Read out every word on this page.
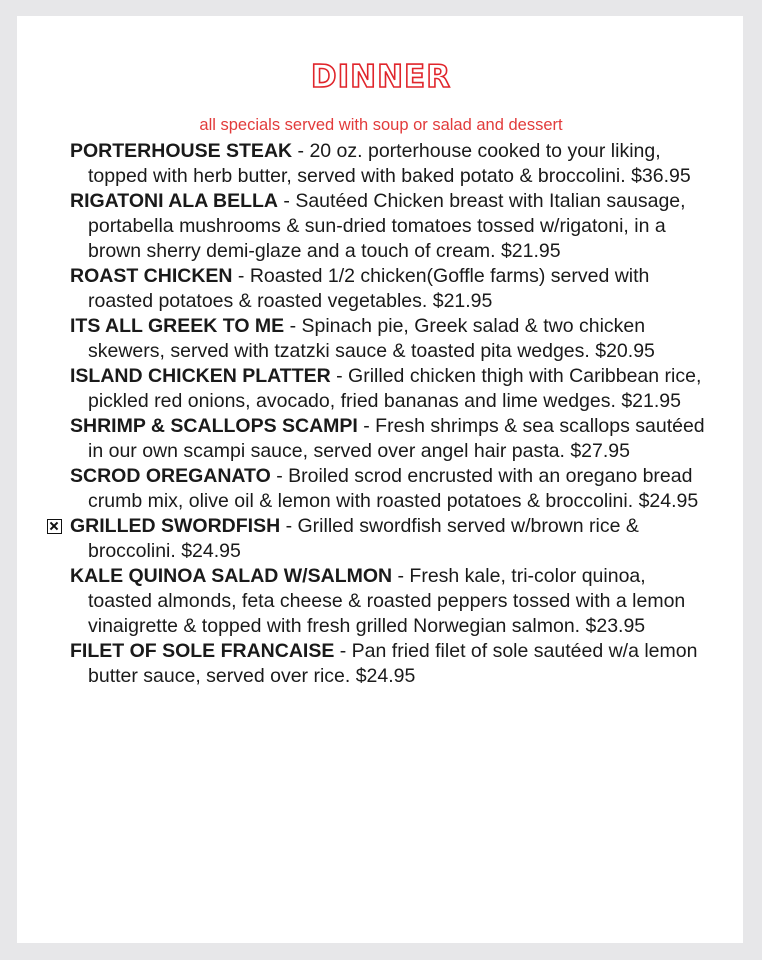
DINNER

all specials served with soup or salad and dessert

PORTERHOUSE STEAK - 20 oz. porterhouse cooked to your liking, topped with herb butter, served with baked potato & broccolini. $36.95
RIGATONI ALA BELLA - Sautéed Chicken breast with Italian sausage, portabella mushrooms & sun-dried tomatoes tossed w/rigatoni, in a brown sherry demi-glaze and a touch of cream. $21.95
ROAST CHICKEN - Roasted 1/2 chicken(Goffle farms) served with roasted potatoes & roasted vegetables. $21.95
ITS ALL GREEK TO ME - Spinach pie, Greek salad & two chicken skewers, served with tzatzki sauce & toasted pita wedges. $20.95
ISLAND CHICKEN PLATTER - Grilled chicken thigh with Caribbean rice, pickled red onions, avocado, fried bananas and lime wedges. $21.95
SHRIMP & SCALLOPS SCAMPI - Fresh shrimps & sea scallops sautéed in our own scampi sauce, served over angel hair pasta. $27.95
SCROD OREGANATO - Broiled scrod encrusted with an oregano bread crumb mix, olive oil & lemon with roasted potatoes & broccolini. $24.95
GRILLED SWORDFISH - Grilled swordfish served w/brown rice & broccolini. $24.95
KALE QUINOA SALAD W/SALMON - Fresh kale, tri-color quinoa, toasted almonds, feta cheese & roasted peppers tossed with a lemon vinaigrette & topped with fresh grilled Norwegian salmon. $23.95
FILET OF SOLE FRANCAISE - Pan fried filet of sole sautéed w/a lemon butter sauce, served over rice. $24.95
